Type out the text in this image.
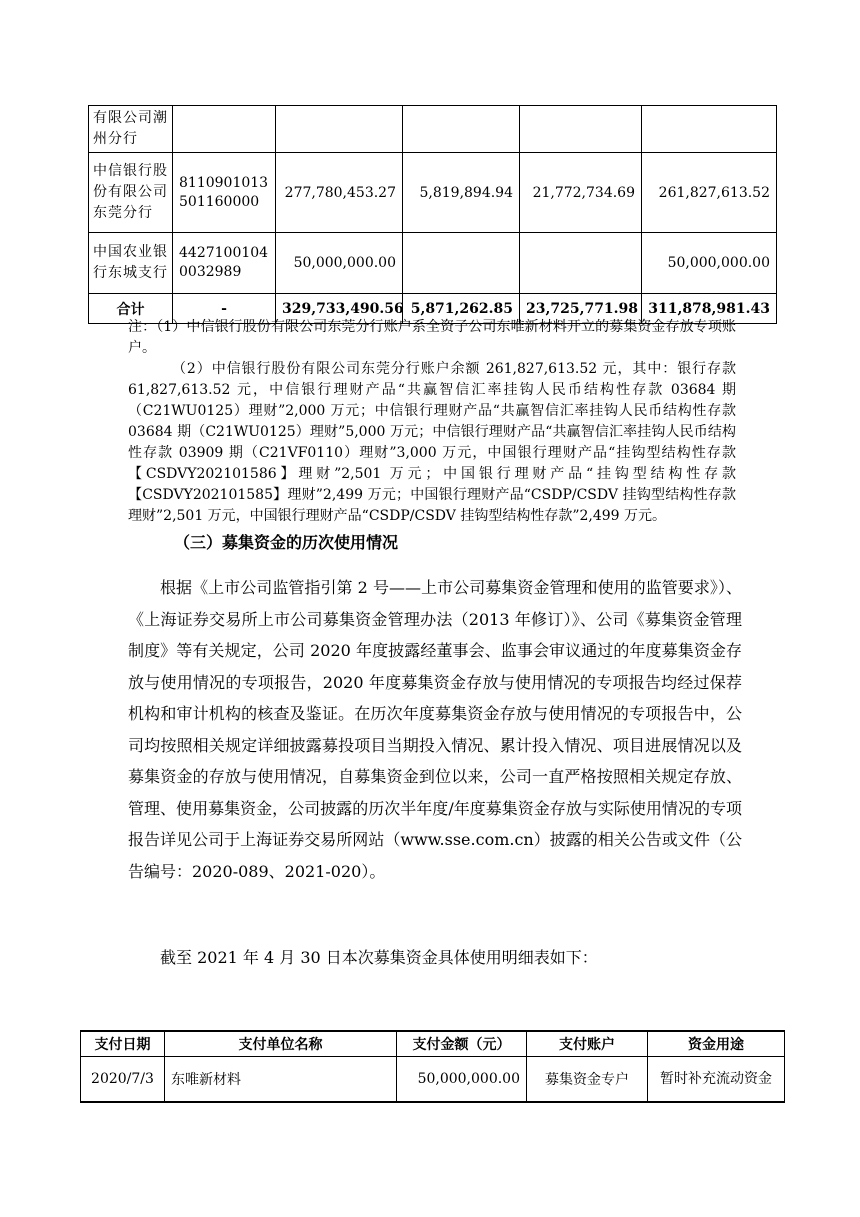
有限公司潮州分行					
中信银行股份有限公司东莞分行	8110901013501160000	277,780,453.27	5,819,894.94	21,772,734.69	261,827,613.52
中国农业银行东城支行	44271001040032989	50,000,000.00			50,000,000.00
合计	-	329,733,490.56	5,871,262.85	23,725,771.98	311,878,981.43

注：（1）中信银行股份有限公司东莞分行账户系全资子公司东唯新材料开立的募集资金存放专项账户。

（2）中信银行股份有限公司东莞分行账户余额 261,827,613.52 元，其中：银行存款 61,827,613.52 元，中信银行理财产品“共赢智信汇率挂钩人民币结构性存款 03684 期（C21WU0125）理财”2,000 万元；中信银行理财产品“共赢智信汇率挂钩人民币结构性存款 03684 期（C21WU0125）理财”5,000 万元；中信银行理财产品“共赢智信汇率挂钩人民币结构性存款 03909 期（C21VF0110）理财”3,000 万元，中国银行理财产品“挂钩型结构性存款【CSDVY202101586】理财”2,501 万元；中国银行理财产品“挂钩型结构性存款【CSDVY202101585】理财”2,499 万元；中国银行理财产品“CSDP/CSDV 挂钩型结构性存款理财”2,501 万元，中国银行理财产品“CSDP/CSDV 挂钩型结构性存款”2,499 万元。

（三）募集资金的历次使用情况

根据《上市公司监管指引第 2 号——上市公司募集资金管理和使用的监管要求》）、《上海证券交易所上市公司募集资金管理办法（2013 年修订）》、公司《募集资金管理制度》等有关规定，公司 2020 年度披露经董事会、监事会审议通过的年度募集资金存放与使用情况的专项报告，2020 年度募集资金存放与使用情况的专项报告均经过保荐机构和审计机构的核查及鉴证。在历次年度募集资金存放与使用情况的专项报告中，公司均按照相关规定详细披露募投项目当期投入情况、累计投入情况、项目进展情况以及募集资金的存放与使用情况，自募集资金到位以来，公司一直严格按照相关规定存放、管理、使用募集资金，公司披露的历次半年度/年度募集资金存放与实际使用情况的专项报告详见公司于上海证券交易所网站（www.sse.com.cn）披露的相关公告或文件（公告编号：2020-089、2021-020）。

截至 2021 年 4 月 30 日本次募集资金具体使用明细表如下：
支付日期	支付单位名称	支付金额（元）	支付账户	资金用途
2020/7/3	东唯新材料	50,000,000.00	募集资金专户	暂时补充流动资金
